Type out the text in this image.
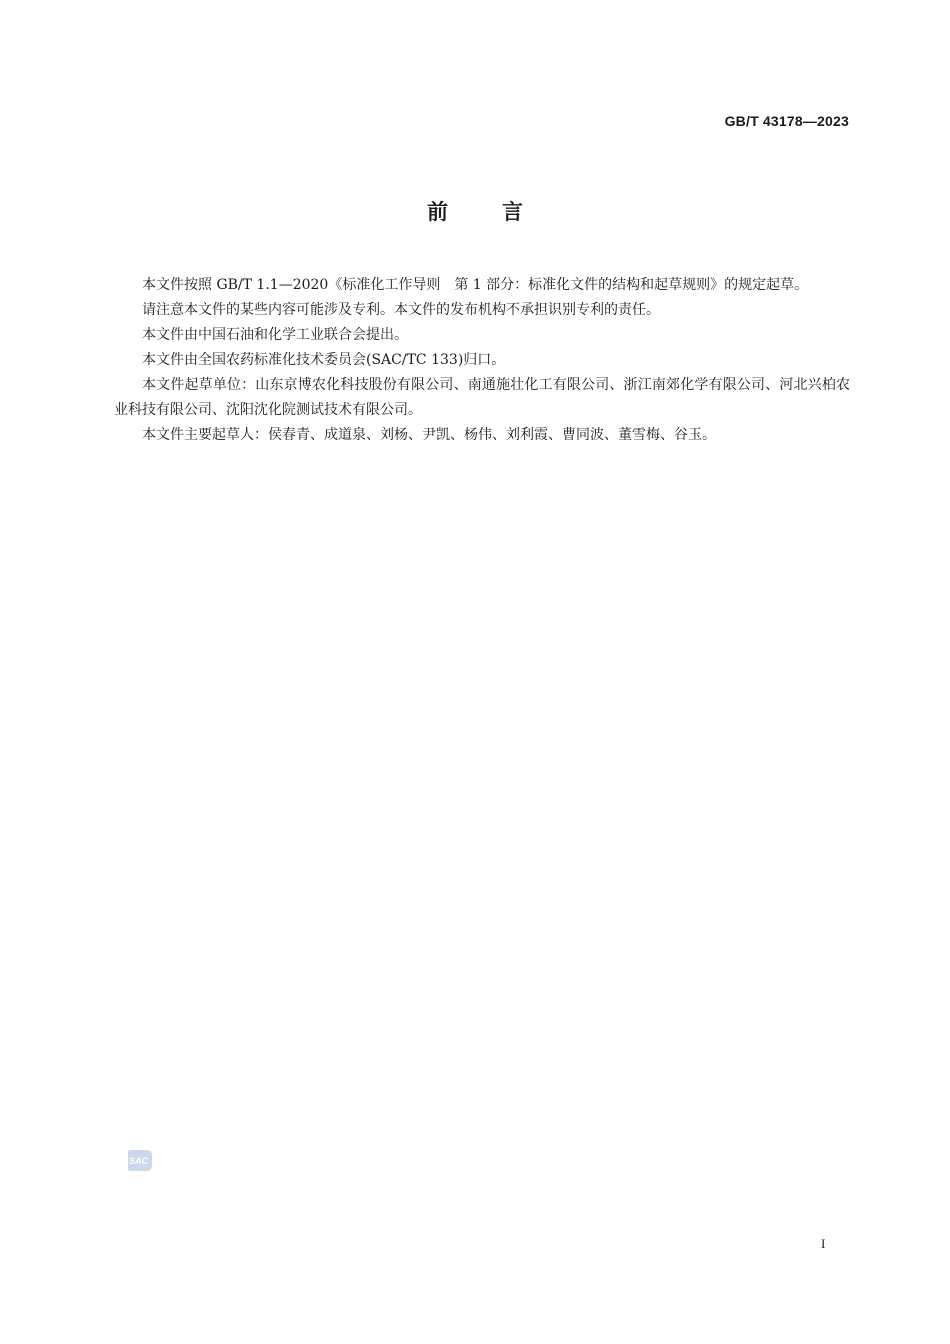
GB/T 43178—2023
前	言

本文件按照 GB/T 1.1—2020《标准化工作导则　第 1 部分：标准化文件的结构和起草规则》的规定起草。

请注意本文件的某些内容可能涉及专利。本文件的发布机构不承担识别专利的责任。

本文件由中国石油和化学工业联合会提出。

本文件由全国农药标准化技术委员会(SAC/TC 133)归口。

本文件起草单位：山东京博农化科技股份有限公司、南通施壮化工有限公司、浙江南郊化学有限公司、河北兴柏农业科技有限公司、沈阳沈化院测试技术有限公司。

本文件主要起草人：侯春青、成道泉、刘杨、尹凯、杨伟、刘利霞、曹同波、董雪梅、谷玉。

SAC
I
